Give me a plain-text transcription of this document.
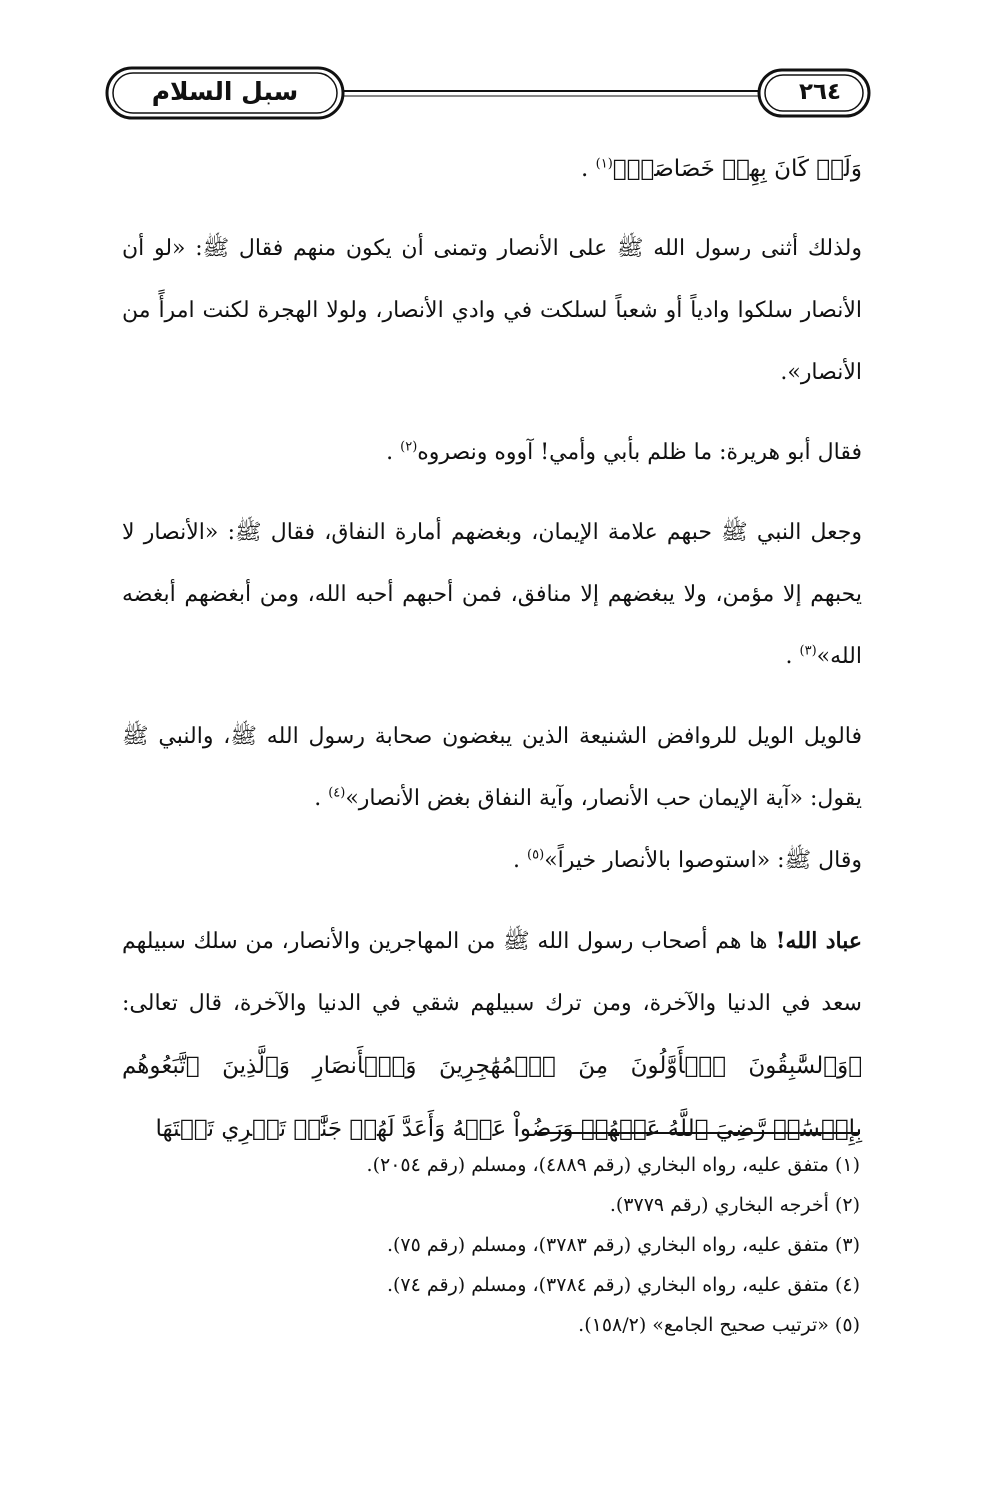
سبل السلام	٢٦٤

وَلَوۡ كَانَ بِهِمۡ خَصَاصَةٞ﴾$^{(١)}$ .

ولذلك أثنى رسول الله ﷺ على الأنصار وتمنى أن يكون منهم فقال ﷺ: «لو أن الأنصار سلكوا وادياً أو شعباً لسلكت في وادي الأنصار، ولولا الهجرة لكنت امرأً من الأنصار».

فقال أبو هريرة: ما ظلم بأبي وأمي! آووه ونصروه$^{(٢)}$ .

وجعل النبي ﷺ حبهم علامة الإيمان، وبغضهم أمارة النفاق، فقال ﷺ: «الأنصار لا يحبهم إلا مؤمن، ولا يبغضهم إلا منافق، فمن أحبهم أحبه الله، ومن أبغضهم أبغضه الله»$^{(٣)}$ .

فالويل الويل للروافض الشنيعة الذين يبغضون صحابة رسول الله ﷺ، والنبي ﷺ يقول: «آية الإيمان حب الأنصار، وآية النفاق بغض الأنصار»$^{(٤)}$ .

وقال ﷺ: «استوصوا بالأنصار خيراً»$^{(٥)}$ .

عباد الله! ها هم أصحاب رسول الله ﷺ من المهاجرين والأنصار، من سلك سبيلهم سعد في الدنيا والآخرة، ومن ترك سبيلهم شقي في الدنيا والآخرة، قال تعالى: ﴿وَٱلسَّٰبِقُونَ ٱلۡأَوَّلُونَ مِنَ ٱلۡمُهَٰجِرِينَ وَٱلۡأَنصَارِ وَٱلَّذِينَ ٱتَّبَعُوهُم بِإِحۡسَٰنٖ رَّضِيَ ٱللَّهُ عَنۡهُمۡ وَرَضُواْ عَنۡهُ وَأَعَدَّ لَهُمۡ جَنَّٰتٖ تَجۡرِي تَحۡتَهَا

(١) متفق عليه، رواه البخاري (رقم ٤٨٨٩)، ومسلم (رقم ٢٠٥٤).
(٢) أخرجه البخاري (رقم ٣٧٧٩).
(٣) متفق عليه، رواه البخاري (رقم ٣٧٨٣)، ومسلم (رقم ٧٥).
(٤) متفق عليه، رواه البخاري (رقم ٣٧٨٤)، ومسلم (رقم ٧٤).
(٥) «ترتيب صحيح الجامع» (١٥٨/٢).
